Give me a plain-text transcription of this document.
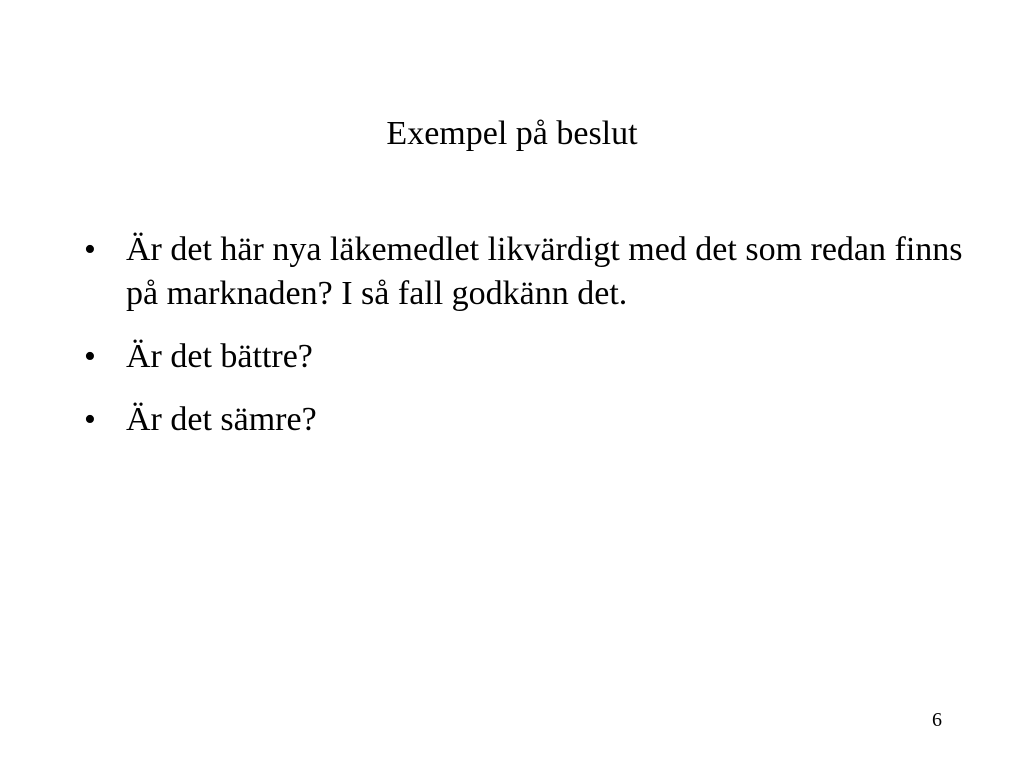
Exempel på beslut
• Är det här nya läkemedlet likvärdigt med det som redan finns på marknaden? I så fall godkänn det.
• Är det bättre?
• Är det sämre?
6
